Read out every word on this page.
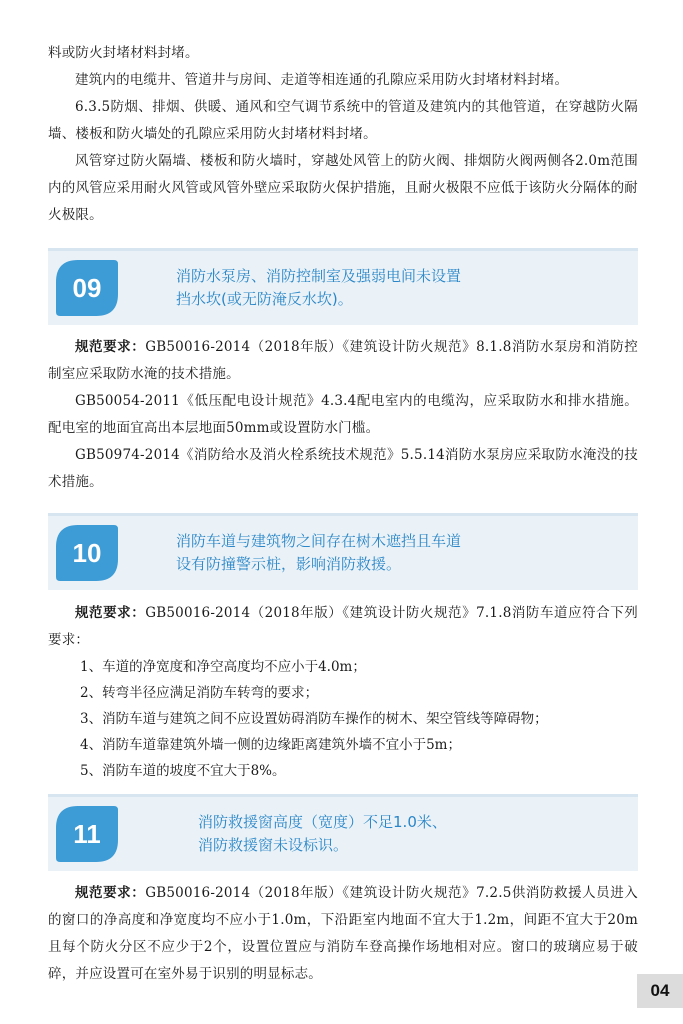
料或防火封堵材料封堵。

建筑内的电缆井、管道井与房间、走道等相连通的孔隙应采用防火封堵材料封堵。

6.3.5防烟、排烟、供暖、通风和空气调节系统中的管道及建筑内的其他管道，在穿越防火隔墙、楼板和防火墙处的孔隙应采用防火封堵材料封堵。

风管穿过防火隔墙、楼板和防火墙时，穿越处风管上的防火阀、排烟防火阀两侧各2.0m范围内的风管应采用耐火风管或风管外壁应采取防火保护措施，且耐火极限不应低于该防火分隔体的耐火极限。

09	消防水泵房、消防控制室及强弱电间未设置
挡水坎(或无防淹反水坎)。

规范要求：GB50016-2014（2018年版）《建筑设计防火规范》8.1.8消防水泵房和消防控制室应采取防水淹的技术措施。

GB50054-2011《低压配电设计规范》4.3.4配电室内的电缆沟，应采取防水和排水措施。配电室的地面宜高出本层地面50mm或设置防水门槛。

GB50974-2014《消防给水及消火栓系统技术规范》5.5.14消防水泵房应采取防水淹没的技术措施。

10	消防车道与建筑物之间存在树木遮挡且车道
设有防撞警示桩，影响消防救援。

规范要求：GB50016-2014（2018年版）《建筑设计防火规范》7.1.8消防车道应符合下列要求：

1、车道的净宽度和净空高度均不应小于4.0m；
2、转弯半径应满足消防车转弯的要求；
3、消防车道与建筑之间不应设置妨碍消防车操作的树木、架空管线等障碍物；
4、消防车道靠建筑外墙一侧的边缘距离建筑外墙不宜小于5m；
5、消防车道的坡度不宜大于8%。
11	消防救援窗高度（宽度）不足1.0米、
消防救援窗未设标识。

规范要求：GB50016-2014（2018年版）《建筑设计防火规范》7.2.5供消防救援人员进入的窗口的净高度和净宽度均不应小于1.0m，下沿距室内地面不宜大于1.2m，间距不宜大于20m且每个防火分区不应少于2个，设置位置应与消防车登高操作场地相对应。窗口的玻璃应易于破碎，并应设置可在室外易于识别的明显标志。

04
